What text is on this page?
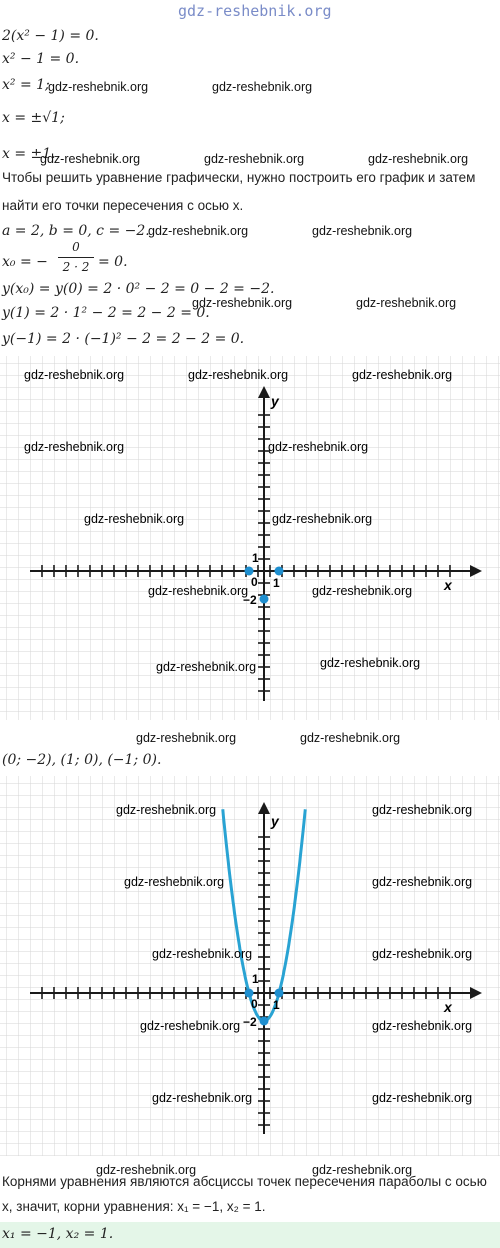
gdz-reshebnik.org
2(x² − 1) = 0.
x² − 1 = 0.
x² = 1;
x = ±√1;
x = ±1.
Чтобы решить уравнение графически, нужно построить его график и затем
найти его точки пересечения с осью x.
a = 2, b = 0, c = −2.
x₀ = −
0
2 · 2 = 0.
y(x₀) = y(0) = 2 · 0² − 2 = 0 − 2 = −2.
y(1) = 2 · 1² − 2 = 2 − 2 = 0.
y(−1) = 2 · (−1)² − 2 = 2 − 2 = 0.
gdz-reshebnik.org	gdz-reshebnik.org
gdz-reshebnik.org	gdz-reshebnik.org	gdz-reshebnik.org
gdz-reshebnik.org	gdz-reshebnik.org
gdz-reshebnik.org	gdz-reshebnik.org
x
y
1
1
0
−2
gdz-reshebnik.org	gdz-reshebnik.org	gdz-reshebnik.org
gdz-reshebnik.org	gdz-reshebnik.org
gdz-reshebnik.org	gdz-reshebnik.org
gdz-reshebnik.org	gdz-reshebnik.org
gdz-reshebnik.org	gdz-reshebnik.org
gdz-reshebnik.org	gdz-reshebnik.org
(0; −2), (1; 0), (−1; 0).
x
y
1
1
0
−2
gdz-reshebnik.org	gdz-reshebnik.org
gdz-reshebnik.org	gdz-reshebnik.org
gdz-reshebnik.org	gdz-reshebnik.org
gdz-reshebnik.org	gdz-reshebnik.org
gdz-reshebnik.org	gdz-reshebnik.org
gdz-reshebnik.org	gdz-reshebnik.org
Корнями уравнения являются абсциссы точек пересечения параболы с осью
x, значит, корни уравнения: x₁ = −1, x₂ = 1.
x₁ = −1, x₂ = 1.
